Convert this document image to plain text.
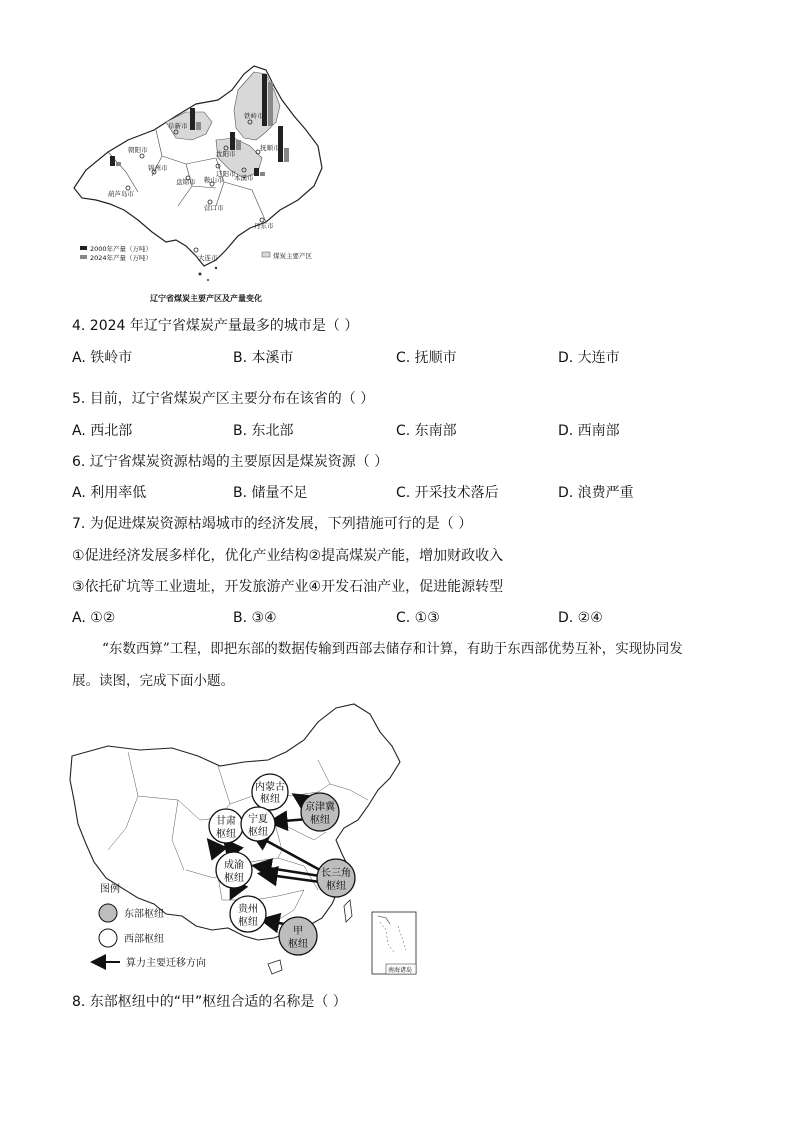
铁岭市
阜新市
朝阳市	沈阳市
抚顺市
本溪市
锦州市
辽阳市
葫芦岛市
鞍山市
营口市
丹东市
大连市
盘锦市
2000年产量（万吨）
2024年产量（万吨）	煤炭主要产区
辽宁省煤炭主要产区及产量变化
4. 2024 年辽宁省煤炭产量最多的城市是（ ）
A. 铁岭市	B. 本溪市	C. 抚顺市	D. 大连市
5. 目前，辽宁省煤炭产区主要分布在该省的（ ）
A. 西北部	B. 东北部	C. 东南部	D. 西南部
6. 辽宁省煤炭资源枯竭的主要原因是煤炭资源（ ）
A. 利用率低	B. 储量不足	C. 开采技术落后	D. 浪费严重
7. 为促进煤炭资源枯竭城市的经济发展，下列措施可行的是（ ）
①促进经济发展多样化，优化产业结构②提高煤炭产能，增加财政收入
③依托矿坑等工业遗址，开发旅游产业④开发石油产业，促进能源转型
A. ①②	B. ③④	C. ①③	D. ②④
“东数西算”工程，即把东部的数据传输到西部去储存和计算，有助于东西部优势互补，实现协同发
展。读图，完成下面小题。
内蒙古
枢纽
京津冀
枢纽
甘肃
枢纽
宁夏
枢纽
成渝
枢纽	长三角
枢纽
贵州
枢纽
甲
枢纽
图例
东部枢纽
西部枢纽
算力主要迁移方向
南海诸岛
8. 东部枢纽中的“甲”枢纽合适的名称是（ ）
